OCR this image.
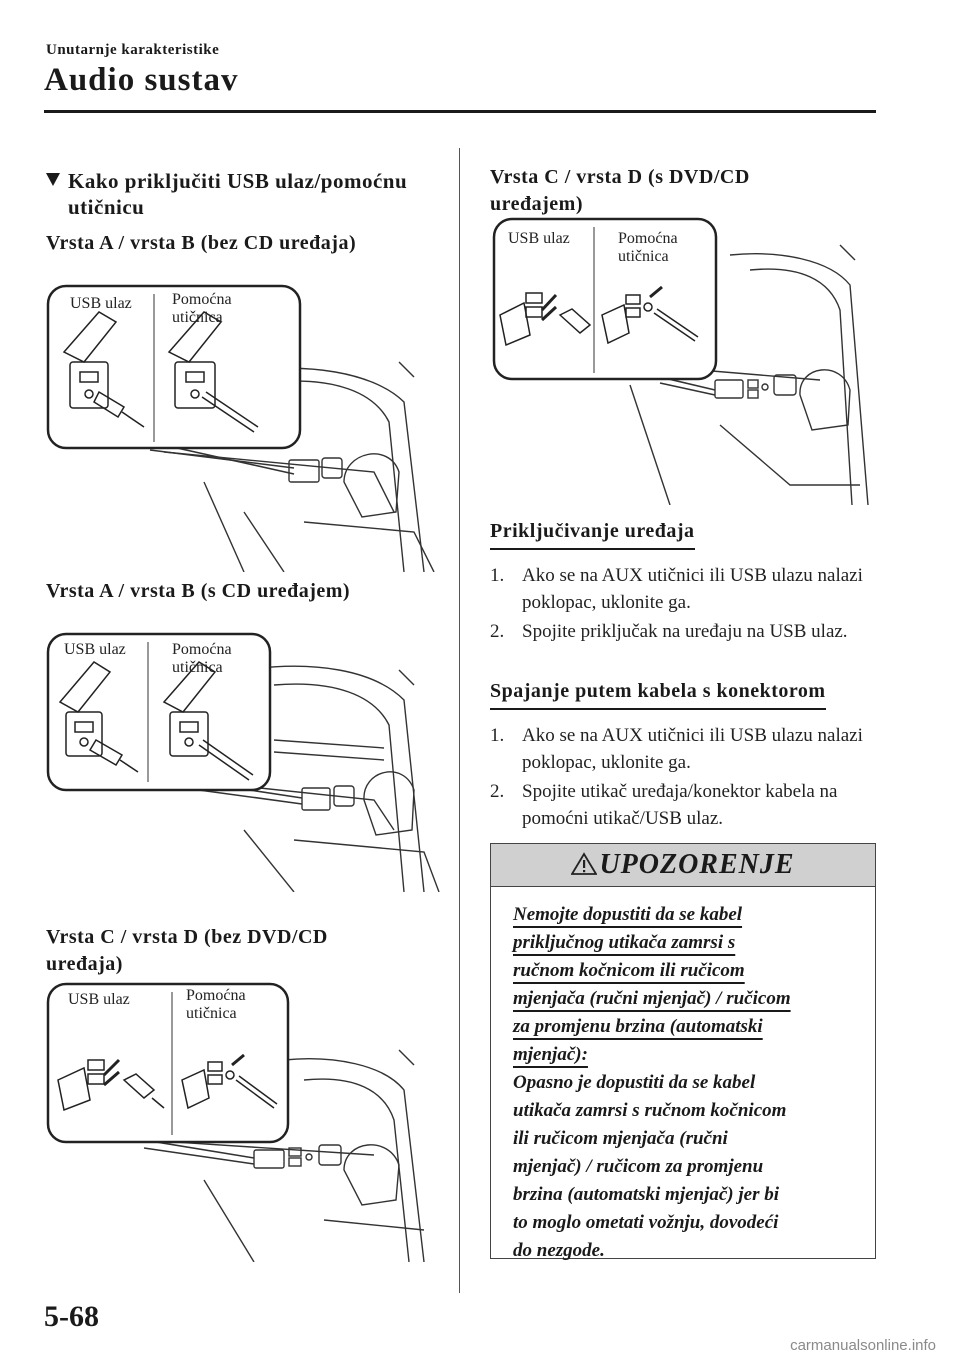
Unutarnje karakteristike
Audio sustav
Kako priključiti USB ulaz/pomoćnu
utičnicu
Vrsta A / vrsta B (bez CD uređaja)
USB ulaz	Pomoćna
utičnica
Vrsta A / vrsta B (s CD uređajem)
USB ulaz	Pomoćna
utičnica
Vrsta C / vrsta D (bez DVD/CD
uređaja)
USB ulaz	Pomoćna
utičnica
Vrsta C / vrsta D (s DVD/CD
uređajem)
USB ulaz	Pomoćna
utičnica
Priključivanje uređaja
1. Ako se na AUX utičnici ili USB ulazu nalazi poklopac, uklonite ga.
2. Spojite priključak na uređaju na USB ulaz.
Spajanje putem kabela s konektorom
1. Ako se na AUX utičnici ili USB ulazu nalazi poklopac, uklonite ga.
2. Spojite utikač uređaja/konektor kabela na pomoćni utikač/USB ulaz.
UPOZORENJE
Nemojte dopustiti da se kabel
priključnog utikača zamrsi s
ručnom kočnicom ili ručicom
mjenjača (ručni mjenjač) / ručicom
za promjenu brzina (automatski
mjenjač):
Opasno je dopustiti da se kabel
utikača zamrsi s ručnom kočnicom
ili ručicom mjenjača (ručni
mjenjač) / ručicom za promjenu
brzina (automatski mjenjač) jer bi
to moglo ometati vožnju, dovodeći
do nezgode.
5-68
carmanualsonline.info
